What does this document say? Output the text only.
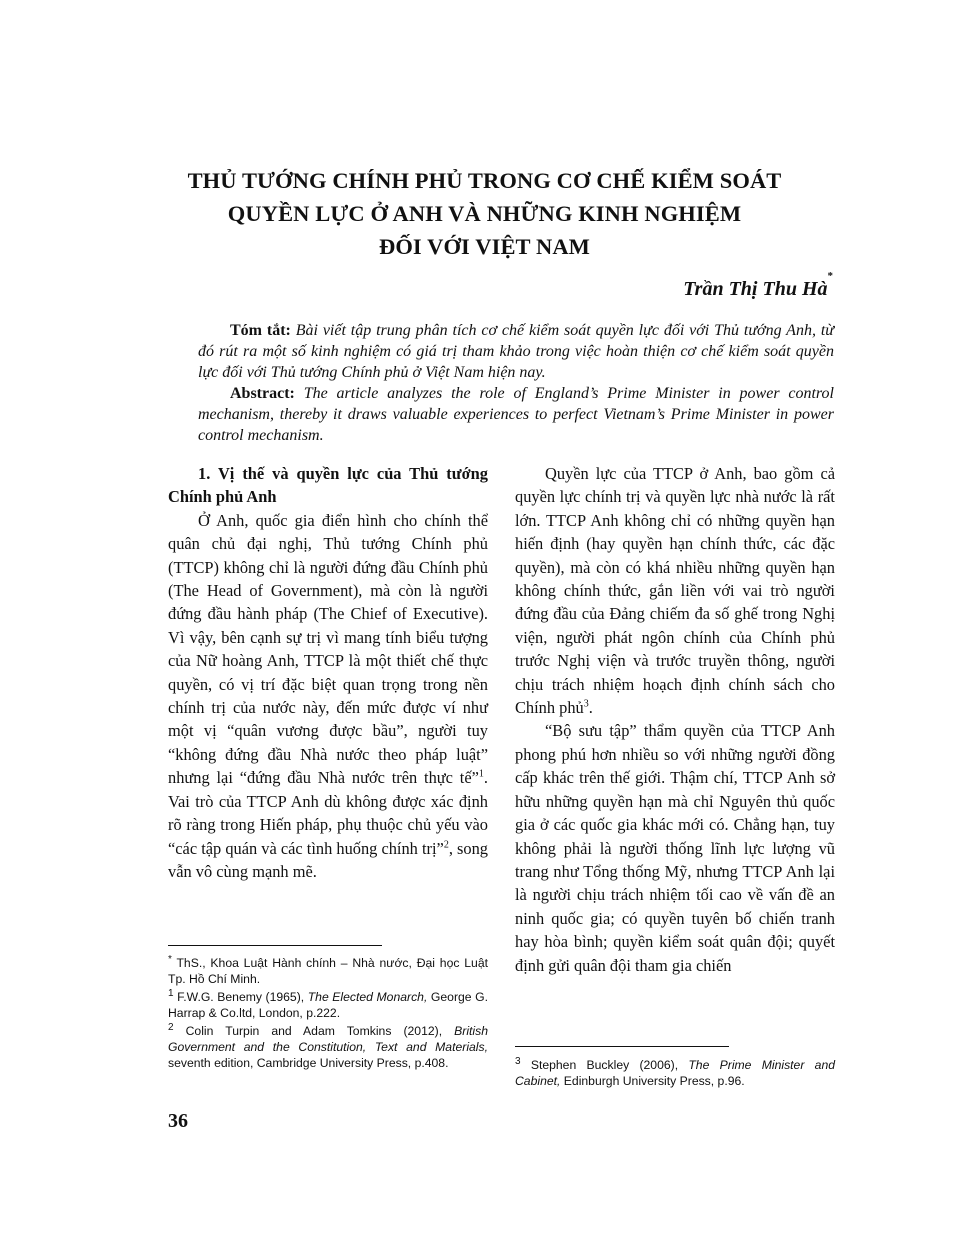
THỦ TƯỚNG CHÍNH PHỦ TRONG CƠ CHẾ KIỂM SOÁT
QUYỀN LỰC Ở ANH VÀ NHỮNG KINH NGHIỆM
ĐỐI VỚI VIỆT NAM
Trần Thị Thu Hà*

Tóm tắt: Bài viết tập trung phân tích cơ chế kiểm soát quyền lực đối với Thủ tướng Anh, từ đó rút ra một số kinh nghiệm có giá trị tham khảo trong việc hoàn thiện cơ chế kiểm soát quyền lực đối với Thủ tướng Chính phủ ở Việt Nam hiện nay.

Abstract: The article analyzes the role of England’s Prime Minister in power control mechanism, thereby it draws valuable experiences to perfect Vietnam’s Prime Minister in power control mechanism.

1. Vị thế và quyền lực của Thủ tướng Chính phủ Anh

Ở Anh, quốc gia điển hình cho chính thể quân chủ đại nghị, Thủ tướng Chính phủ (TTCP) không chỉ là người đứng đầu Chính phủ (The Head of Government), mà còn là người đứng đầu hành pháp (The Chief of Executive). Vì vậy, bên cạnh sự trị vì mang tính biểu tượng của Nữ hoàng Anh, TTCP là một thiết chế thực quyền, có vị trí đặc biệt quan trọng trong nền chính trị của nước này, đến mức được ví như một vị “quân vương được bầu”, người tuy “không đứng đầu Nhà nước theo pháp luật” nhưng lại “đứng đầu Nhà nước trên thực tế”$^1$. Vai trò của TTCP Anh dù không được xác định rõ ràng trong Hiến pháp, phụ thuộc chủ yếu vào “các tập quán và các tình huống chính trị”$^2$, song vẫn vô cùng mạnh mẽ.

Quyền lực của TTCP ở Anh, bao gồm cả quyền lực chính trị và quyền lực nhà nước là rất lớn. TTCP Anh không chỉ có những quyền hạn hiến định (hay quyền hạn chính thức, các đặc quyền), mà còn có khá nhiều những quyền hạn không chính thức, gắn liền với vai trò người đứng đầu của Đảng chiếm đa số ghế trong Nghị viện, người phát ngôn chính của Chính phủ trước Nghị viện và trước truyền thông, người chịu trách nhiệm hoạch định chính sách cho Chính phủ$^3$.

“Bộ sưu tập” thẩm quyền của TTCP Anh phong phú hơn nhiều so với những người đồng cấp khác trên thế giới. Thậm chí, TTCP Anh sở hữu những quyền hạn mà chỉ Nguyên thủ quốc gia ở các quốc gia khác mới có. Chẳng hạn, tuy không phải là người thống lĩnh lực lượng vũ trang như Tổng thống Mỹ, nhưng TTCP Anh lại là người chịu trách nhiệm tối cao về vấn đề an ninh quốc gia; có quyền tuyên bố chiến tranh hay hòa bình; quyền kiểm soát quân đội; quyết định gửi quân đội tham gia chiến

* ThS., Khoa Luật Hành chính – Nhà nước, Đại học Luật Tp. Hồ Chí Minh.

$^1$ F.W.G. Benemy (1965), The Elected Monarch, George G. Harrap & Co.ltd, London, p.222.

$^2$ Colin Turpin and Adam Tomkins (2012), British Government and the Constitution, Text and Materials, seventh edition, Cambridge University Press, p.408.	$^3$ Stephen Buckley (2006), The Prime Minister and Cabinet, Edinburgh University Press, p.96.

36
